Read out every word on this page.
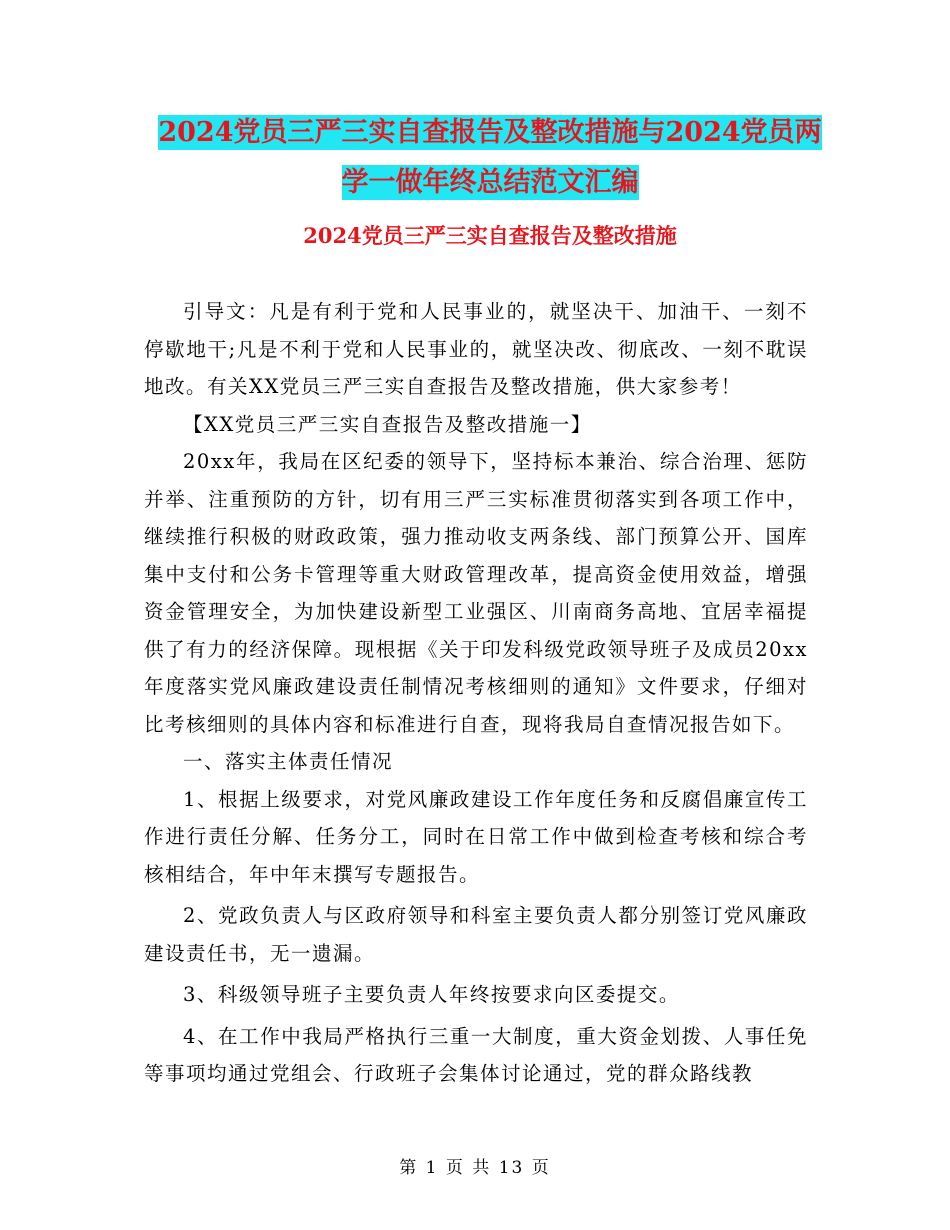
2024党员三严三实自查报告及整改措施与2024党员两
学一做年终总结范文汇编
2024党员三严三实自查报告及整改措施

引导文：凡是有利于党和人民事业的，就坚决干、加油干、一刻不停歇地干;凡是不利于党和人民事业的，就坚决改、彻底改、一刻不耽误地改。有关XX党员三严三实自查报告及整改措施，供大家参考！

【XX党员三严三实自查报告及整改措施一】

20xx年，我局在区纪委的领导下，坚持标本兼治、综合治理、惩防并举、注重预防的方针，切有用三严三实标准贯彻落实到各项工作中，继续推行积极的财政政策，强力推动收支两条线、部门预算公开、国库集中支付和公务卡管理等重大财政管理改革，提高资金使用效益，增强资金管理安全，为加快建设新型工业强区、川南商务高地、宜居幸福提供了有力的经济保障。现根据《关于印发科级党政领导班子及成员20xx年度落实党风廉政建设责任制情况考核细则的通知》文件要求，仔细对比考核细则的具体内容和标准进行自查，现将我局自查情况报告如下。

一、落实主体责任情况

1、根据上级要求，对党风廉政建设工作年度任务和反腐倡廉宣传工作进行责任分解、任务分工，同时在日常工作中做到检查考核和综合考核相结合，年中年末撰写专题报告。

2、党政负责人与区政府领导和科室主要负责人都分别签订党风廉政建设责任书，无一遗漏。

3、科级领导班子主要负责人年终按要求向区委提交。

4、在工作中我局严格执行三重一大制度，重大资金划拨、人事任免等事项均通过党组会、行政班子会集体讨论通过，党的群众路线教

第 1 页 共 13 页
